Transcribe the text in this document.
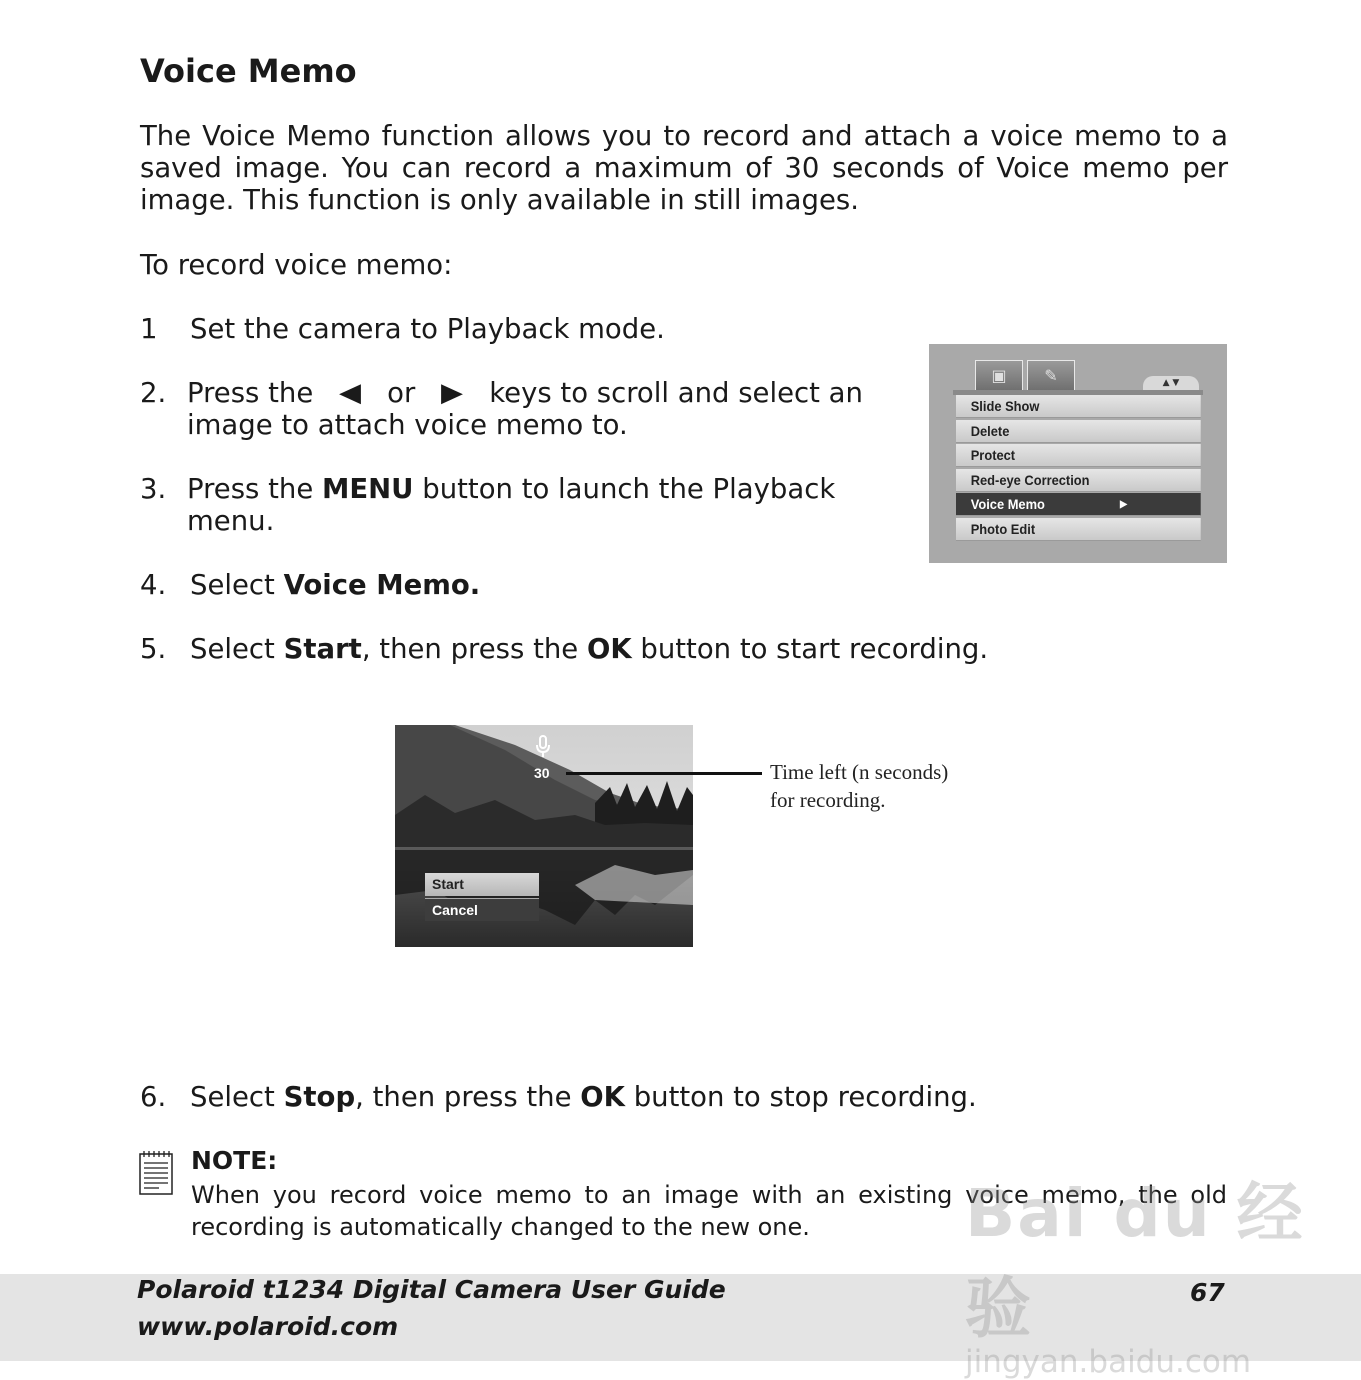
Voice Memo

The Voice Memo function allows you to record and attach a voice memo to a saved image. You can record a maximum of 30 seconds of Voice memo per image. This function is only available in still images.

To record voice memo:

1 Set the camera to Playback mode.
2. Press the ◀ or ▶ keys to scroll and select an
image to attach voice memo to.
3. Press the MENU button to launch the Playback
menu.
▣	✎	▲ ▼
Slide Show
Delete
Protect
Red-eye Correction
Voice Memo	▶
Photo Edit
4. Select Voice Memo.
5. Select Start, then press the OK button to start recording.
30
Start
Cancel
Time left (n seconds)
for recording.
6. Select Stop, then press the OK button to stop recording.
NOTE:
When you record voice memo to an image with an existing voice memo, the old recording is automatically changed to the new one.
Polaroid t1234 Digital Camera User Guide
www.polaroid.com
67
Bai du 经验
jingyan.baidu.com
